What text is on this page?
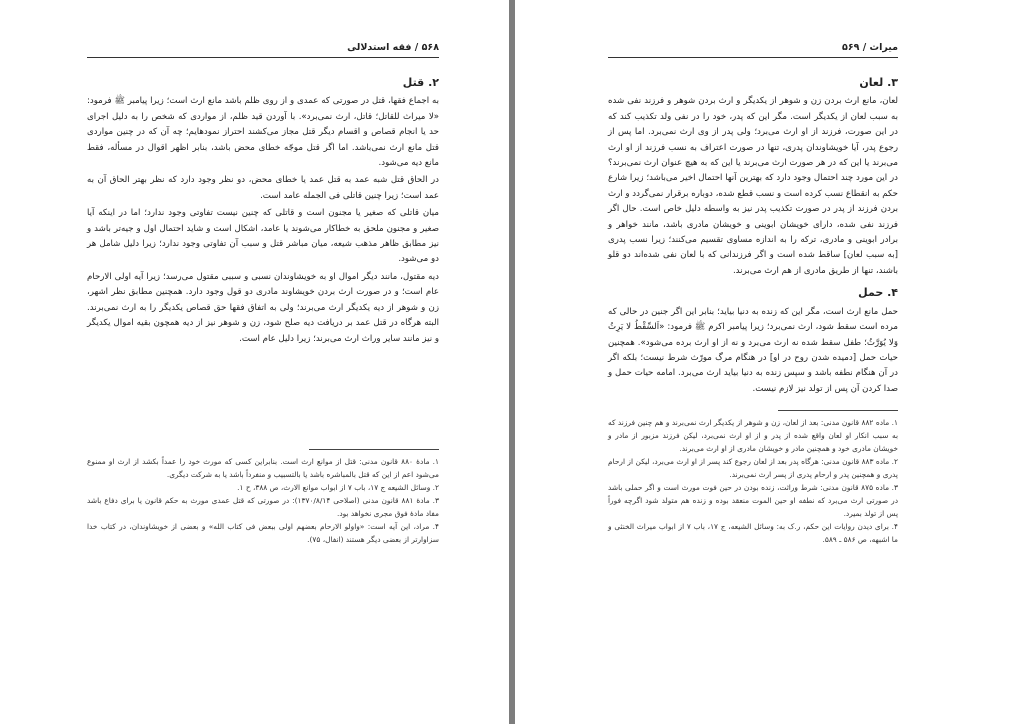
۵۶۸ / فقه استدلالی
۲. قتل

به اجماع فقها، قتل در صورتی که عمدی و از روی ظلم باشد مانع ارث است؛ زیرا پیامبر ﷺ فرمود: «لا میراث للقاتل؛ قاتل، ارث نمی‌برد». با آوردن قید ظلم، از مواردی که شخص را به دلیل اجرای حد یا انجام قصاص و اقسام دیگر قتل مجاز می‌کشند احتراز نمودهایم؛ چه آن که در چنین مواردی قتل مانع ارث نمی‌باشد. اما اگر قتل موجّه خطای محض باشد، بنابر اظهر اقوال در مسأله، فقط مانع دیه می‌شود.

در الحاق قتل شبه عمد به قتل عمد یا خطای محض، دو نظر وجود دارد که نظر بهتر الحاق آن به عمد است؛ زیرا چنین قاتلی فی الجمله عامد است.

میان قاتلی که صغیر یا مجنون است و قاتلی که چنین نیست تفاوتی وجود ندارد؛ اما در اینکه آیا صغیر و مجنون ملحق به خطاکار می‌شوند یا عامد، اشکال است و شاید احتمال اول و جیه‌تر باشد و نیز مطابق ظاهر مذهب شیعه، میان مباشر قتل و سبب آن تفاوتی وجود ندارد؛ زیرا دلیل شامل هر دو می‌شود.

دیه مقتول، مانند دیگر اموال او به خویشاوندان نسبی و سببی مقتول می‌رسد؛ زیرا آیه اولی الارحام عام است؛ و در صورت ارث بردن خویشاوند مادری دو قول وجود دارد. همچنین مطابق نظر اشهر، زن و شوهر از دیه یکدیگر ارث می‌برند؛ ولی به اتفاق فقها حق قصاص یکدیگر را به ارث نمی‌برند. البته هرگاه در قتل عمد بر دریافت دیه صلح شود، زن و شوهر نیز از دیه همچون بقیه اموال یکدیگر و نیز مانند سایر وراث ارث می‌برند؛ زیرا دلیل عام است.

۱. مادهٔ ۸۸۰ قانون مدنی: قتل از موانع ارث است. بنابراین کسی که مورث خود را عمداً بکشد از ارث او ممنوع می‌شود اعم از این که قتل بالمباشره باشد یا بالتسبیب و منفرداً باشد یا به شرکت دیگری.

۲. وسائل الشیعه ج ۱۷، باب ۷ از ابواب موانع الارث، ص ۳۸۸، ح ۱.

۳. مادهٔ ۸۸۱ قانون مدنی (اصلاحی ۱۳۷۰/۸/۱۴): در صورتی که قتل عمدی مورث به حکم قانون یا برای دفاع باشد مفاد مادهٔ فوق مجری نخواهد بود.

۴. مراد، این آیه است: «واولو الارحام بعضهم اولی ببعض فی کتاب الله» و بعضی از خویشاوندان، در کتاب خدا سزاوارتر از بعضی دیگر هستند (انفال، ۷۵).

میراث / ۵۶۹
۳. لعان

لعان، مانع ارث بردن زن و شوهر از یکدیگر و ارث بردن شوهر و فرزند نفی شده به سبب لعان از یکدیگر است. مگر این که پدر، خود را در نفی ولد تکذیب کند که در این صورت، فرزند از او ارث می‌برد؛ ولی پدر از وی ارث نمی‌برد. اما پس از رجوع پدر، آیا خویشاوندان پدری، تنها در صورت اعتراف به نسب فرزند از او ارث می‌برند یا این که در هر صورت ارث می‌برند یا این که به هیچ عنوان ارث نمی‌برند؟ در این مورد چند احتمال وجود دارد که بهترین آنها احتمال اخیر می‌باشد؛ زیرا شارع حکم به انقطاع نسب کرده است و نسب قطع شده، دوباره برقرار نمی‌گردد و ارث بردن فرزند از پدر در صورت تکذیب پدر نیز به واسطه دلیل خاص است. حال اگر فرزند نفی شده، دارای خویشان ابوینی و خویشان مادری باشد، مانند خواهر و برادر ابوینی و مادری، ترکه را به اندازه مساوی تقسیم می‌کنند؛ زیرا نسب پدری [به سبب لعان] ساقط شده است و اگر فرزندانی که با لعان نفی شده‌اند دو قلو باشند، تنها از طریق مادری از هم ارث می‌برند.

۴. حمل

حمل مانع ارث است، مگر این که زنده به دنیا بیاید؛ بنابر این اگر جنین در حالی که مرده است سقط شود، ارث نمی‌برد؛ زیرا پیامبر اکرم ﷺ فرمود: «اَلسِّقْطُ لا یَرِثُ وَلا یُوَرَّثُ؛ طفل سقط شده نه ارث می‌برد و نه از او ارث برده می‌شود». همچنین حیات حمل [دمیده شدن روح در او] در هنگام مرگ مورّث شرط نیست؛ بلکه اگر در آن هنگام نطفه باشد و سپس زنده به دنیا بیاید ارث می‌برد. امامه حیات حمل و صدا کردن آن پس از تولد نیز لازم نیست.

۱. ماده ۸۸۲ قانون مدنی: بعد از لعان، زن و شوهر از یکدیگر ارث نمی‌برند و هم چنین فرزند که به سبب انکار او لعان واقع شده از پدر و از او ارث نمی‌برد، لیکن فرزند مزبور از مادر و خویشان مادری خود و همچنین مادر و خویشان مادری از او ارث می‌برند.

۲. ماده ۸۸۳ قانون مدنی: هرگاه پدر بعد از لعان رجوع کند پسر از او ارث می‌برد، لیکن از ارحام پدری و همچنین پدر و ارحام پدری از پسر ارث نمی‌برند.

۳. ماده ۸۷۵ قانون مدنی: شرط وراثت، زنده بودن در حین فوت مورث است و اگر حملی باشد در صورتی ارث می‌برد که نطفه او حین الموت منعقد بوده و زنده هم متولد شود اگرچه فوراً پس از تولد بمیرد.

۴. برای دیدن روایات این حکم، ر.ک به: وسائل الشیعه، ج ۱۷، باب ۷ از ابواب میراث الخنثی و ما اشبهه، ص ۵۸۶ ـ ۵۸۹.
